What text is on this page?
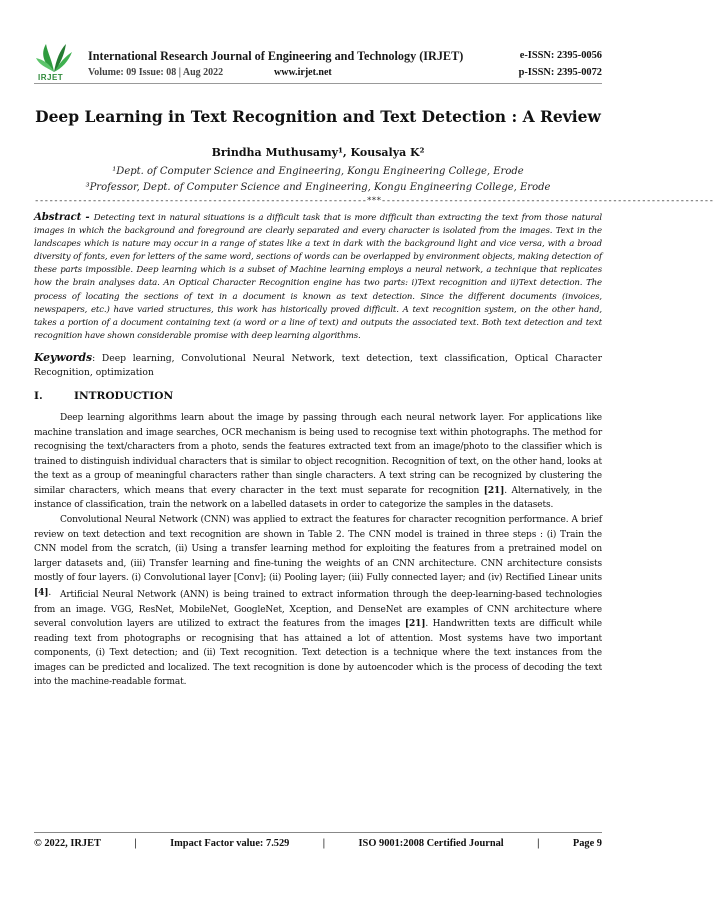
IRJET
International Research Journal of Engineering and Technology (IRJET)	e-ISSN: 2395-0056
Volume: 09 Issue: 08 | Aug 2022	www.irjet.net	p-ISSN: 2395-0072
Deep Learning in Text Recognition and Text Detection : A Review
Brindha Muthusamy¹, Kousalya K²
¹Dept. of Computer Science and Engineering, Kongu Engineering College, Erode
³Professor, Dept. of Computer Science and Engineering, Kongu Engineering College, Erode
---------------------------------------------------------------------***---------------------------------------------------------------------
Abstract - Detecting text in natural situations is a difficult task that is more difficult than extracting the text from those natural images in which the background and foreground are clearly separated and every character is isolated from the images. Text in the landscapes which is nature may occur in a range of states like a text in dark with the background light and vice versa, with a broad diversity of fonts, even for letters of the same word, sections of words can be overlapped by environment objects, making detection of these parts impossible. Deep learning which is a subset of Machine learning employs a neural network, a technique that replicates how the brain analyses data. An Optical Character Recognition engine has two parts: i)Text recognition and ii)Text detection. The process of locating the sections of text in a document is known as text detection. Since the different documents (invoices, newspapers, etc.) have varied structures, this work has historically proved difficult. A text recognition system, on the other hand, takes a portion of a document containing text (a word or a line of text) and outputs the associated text. Both text detection and text recognition have shown considerable promise with deep learning algorithms.
Keywords: Deep learning, Convolutional Neural Network, text detection, text classification, Optical Character Recognition, optimization
I.	INTRODUCTION
Deep learning algorithms learn about the image by passing through each neural network layer. For applications like machine translation and image searches, OCR mechanism is being used to recognise text within photographs. The method for recognising the text/characters from a photo, sends the features extracted text from an image/photo to the classifier which is trained to distinguish individual characters that is similar to object recognition. Recognition of text, on the other hand, looks at the text as a group of meaningful characters rather than single characters. A text string can be recognized by clustering the similar characters, which means that every character in the text must separate for recognition [21]. Alternatively, in the instance of classification, train the network on a labelled datasets in order to categorize the samples in the datasets.
Convolutional Neural Network (CNN) was applied to extract the features for character recognition performance. A brief review on text detection and text recognition are shown in Table 2. The CNN model is trained in three steps : (i) Train the CNN model from the scratch, (ii) Using a transfer learning method for exploiting the features from a pretrained model on larger datasets and, (iii) Transfer learning and fine-tuning the weights of an CNN architecture. CNN architecture consists mostly of four layers. (i) Convolutional layer [Conv]; (ii) Pooling layer; (iii) Fully connected layer; and (iv) Rectified Linear units [4]. Artificial Neural Network (ANN) is being trained to extract information through the deep-learning-based technologies from an image. VGG, ResNet, MobileNet, GoogleNet, Xception, and DenseNet are examples of CNN architecture where several convolution layers are utilized to extract the features from the images [21]. Handwritten texts are difficult while reading text from photographs or recognising that has attained a lot of attention. Most systems have two important components, (i) Text detection; and (ii) Text recognition. Text detection is a technique where the text instances from the images can be predicted and localized. The text recognition is done by autoencoder which is the process of decoding the text into the machine-readable format.
© 2022, IRJET	|	Impact Factor value: 7.529	|	ISO 9001:2008 Certified Journal	|	Page 9
